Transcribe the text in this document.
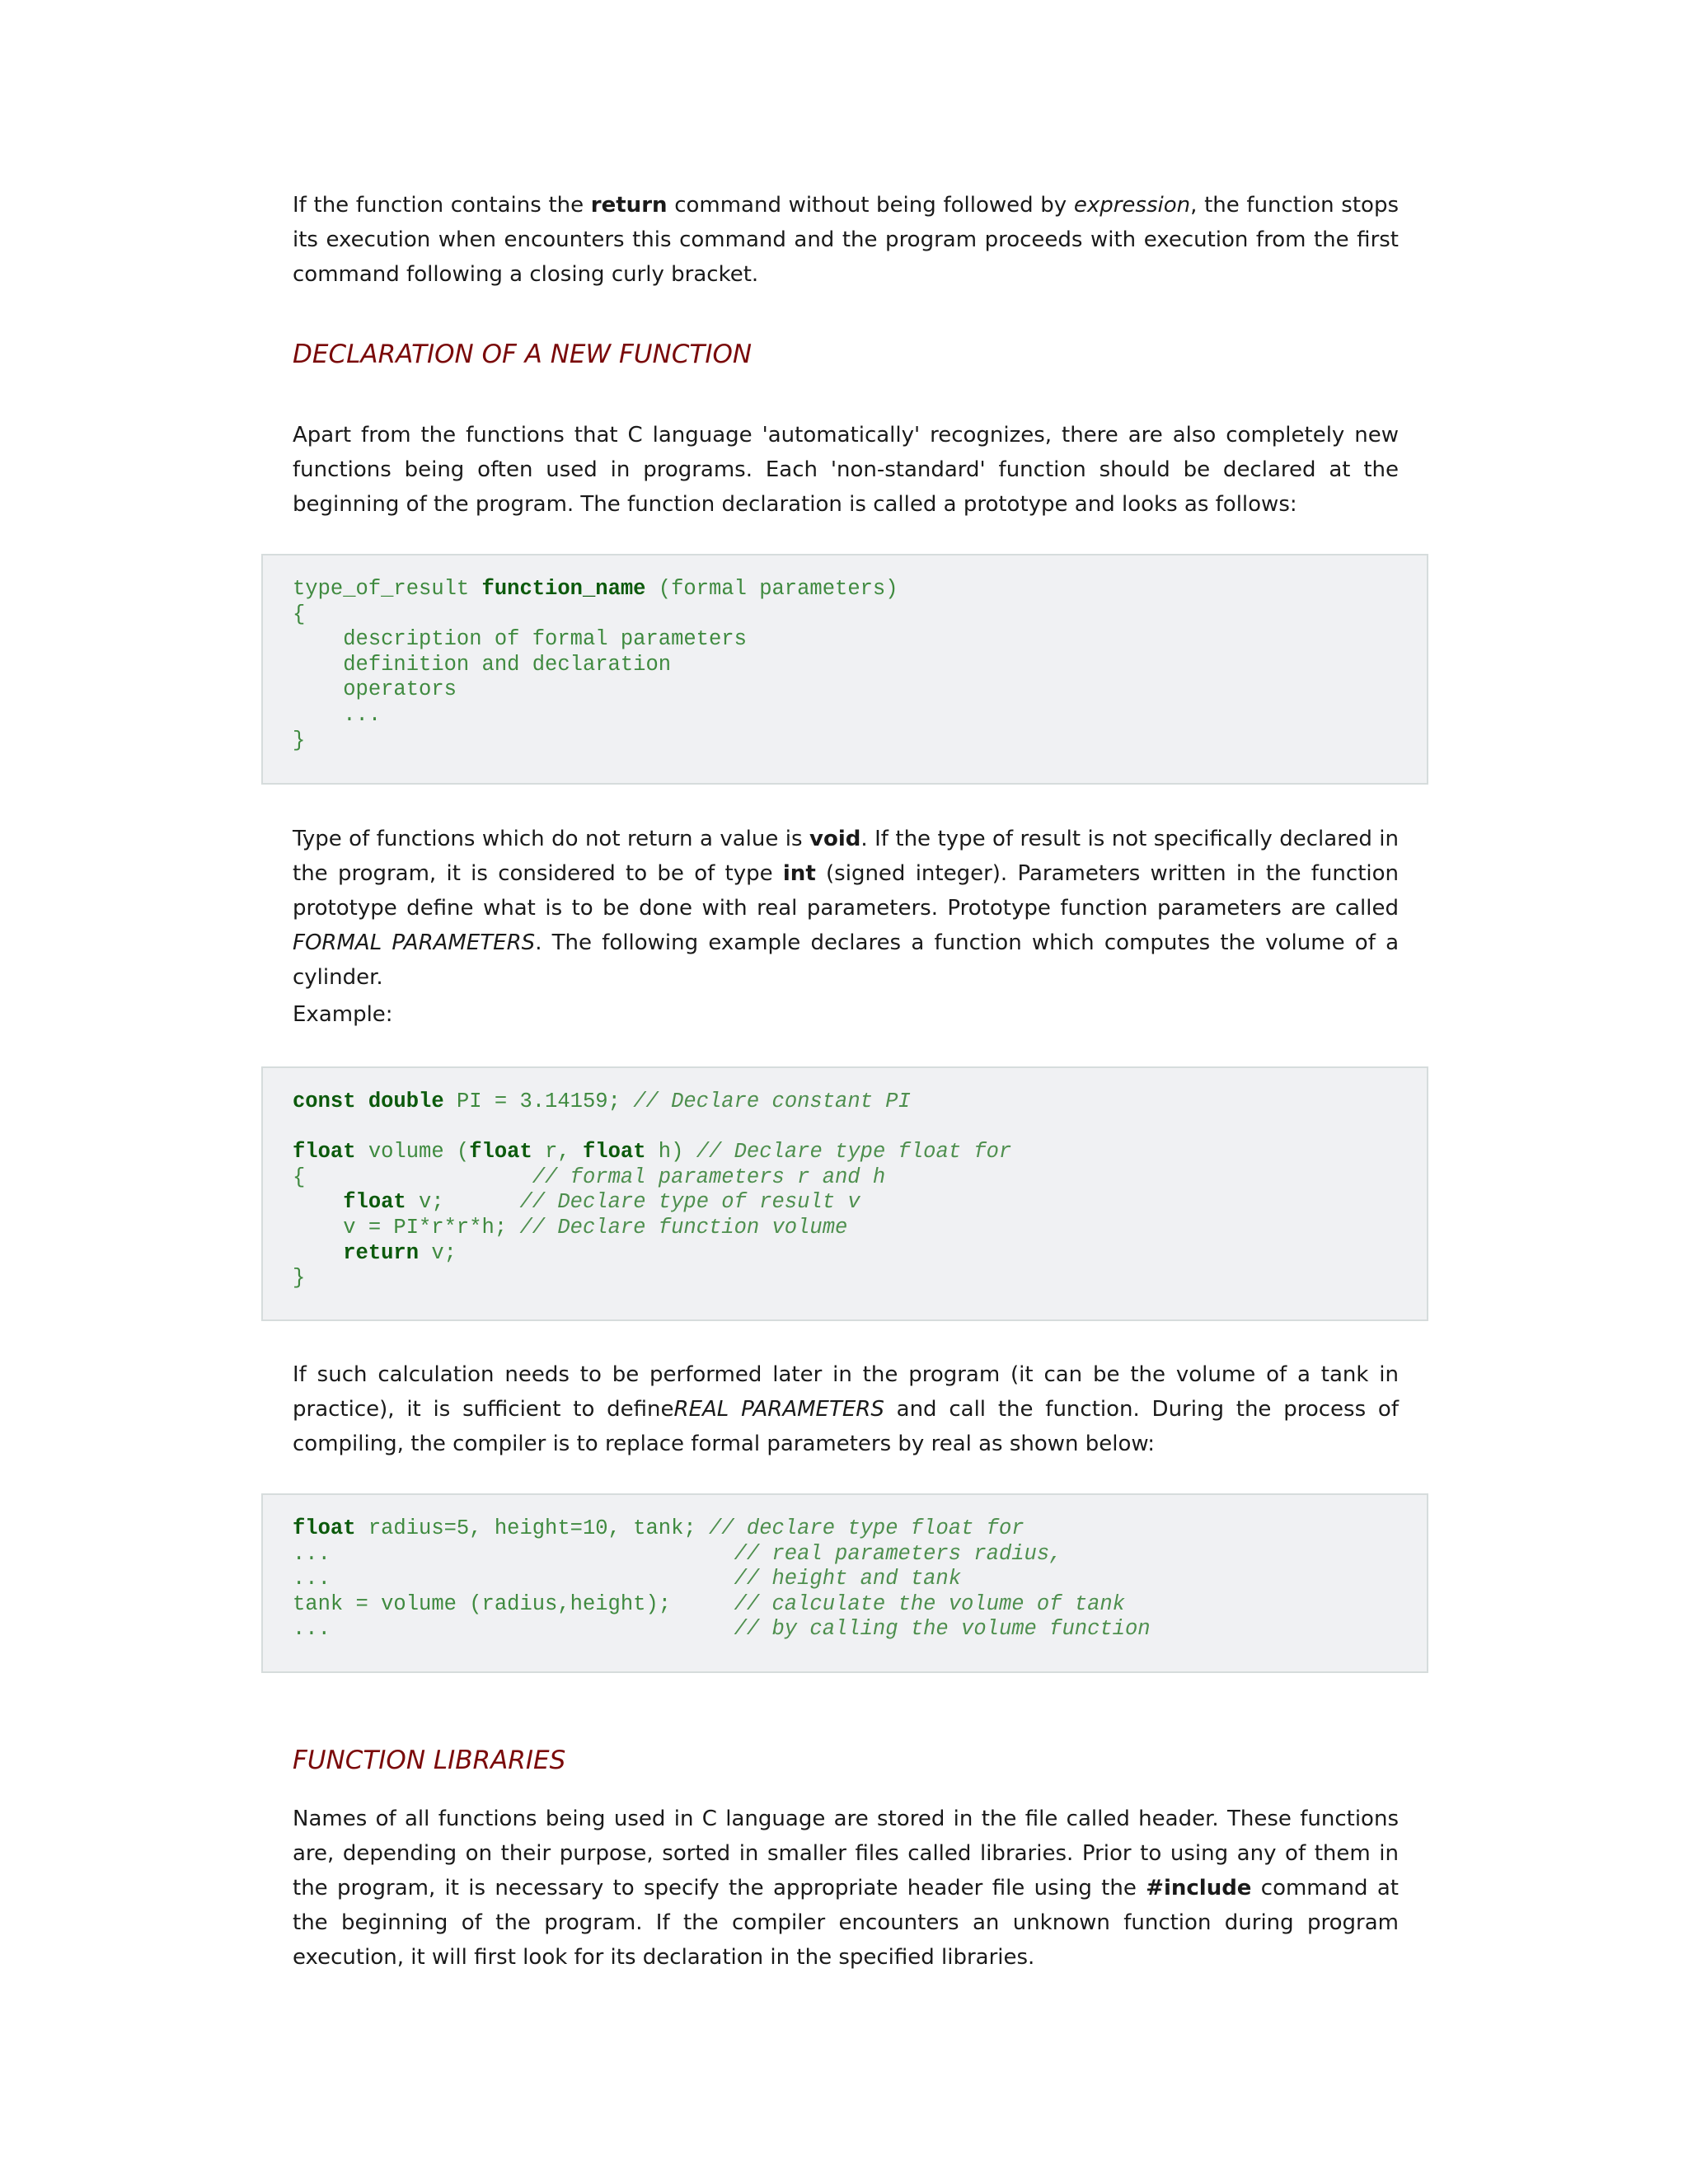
If the function contains the return command without being followed by expression, the function stops its execution when encounters this command and the program proceeds with execution from the first command following a closing curly bracket.

DECLARATION OF A NEW FUNCTION

Apart from the functions that C language 'automatically' recognizes, there are also completely new functions being often used in programs. Each 'non-standard' function should be declared at the beginning of the program. The function declaration is called a prototype and looks as follows:

type_of_result function_name (formal parameters)
{
description of formal parameters
definition and declaration
operators
...
}

Type of functions which do not return a value is void. If the type of result is not specifically declared in the program, it is considered to be of type int (signed integer). Parameters written in the function prototype define what is to be done with real parameters. Prototype function parameters are called FORMAL PARAMETERS. The following example declares a function which computes the volume of a cylinder.

Example:

const double PI = 3.14159; // Declare constant PI

float volume (float r, float h) // Declare type float for
{                  // formal parameters r and h
float v;      // Declare type of result v
v = PI*r*r*h; // Declare function volume
return v;
}

If such calculation needs to be performed later in the program (it can be the volume of a tank in practice), it is sufficient to defineREAL PARAMETERS and call the function. During the process of compiling, the compiler is to replace formal parameters by real as shown below:

float radius=5, height=10, tank; // declare type float for
...                                // real parameters radius,
...                                // height and tank
tank = volume (radius,height);     // calculate the volume of tank
...                                // by calling the volume function
FUNCTION LIBRARIES

Names of all functions being used in C language are stored in the file called header. These functions are, depending on their purpose, sorted in smaller files called libraries. Prior to using any of them in the program, it is necessary to specify the appropriate header file using the #include command at the beginning of the program. If the compiler encounters an unknown function during program execution, it will first look for its declaration in the specified libraries.
